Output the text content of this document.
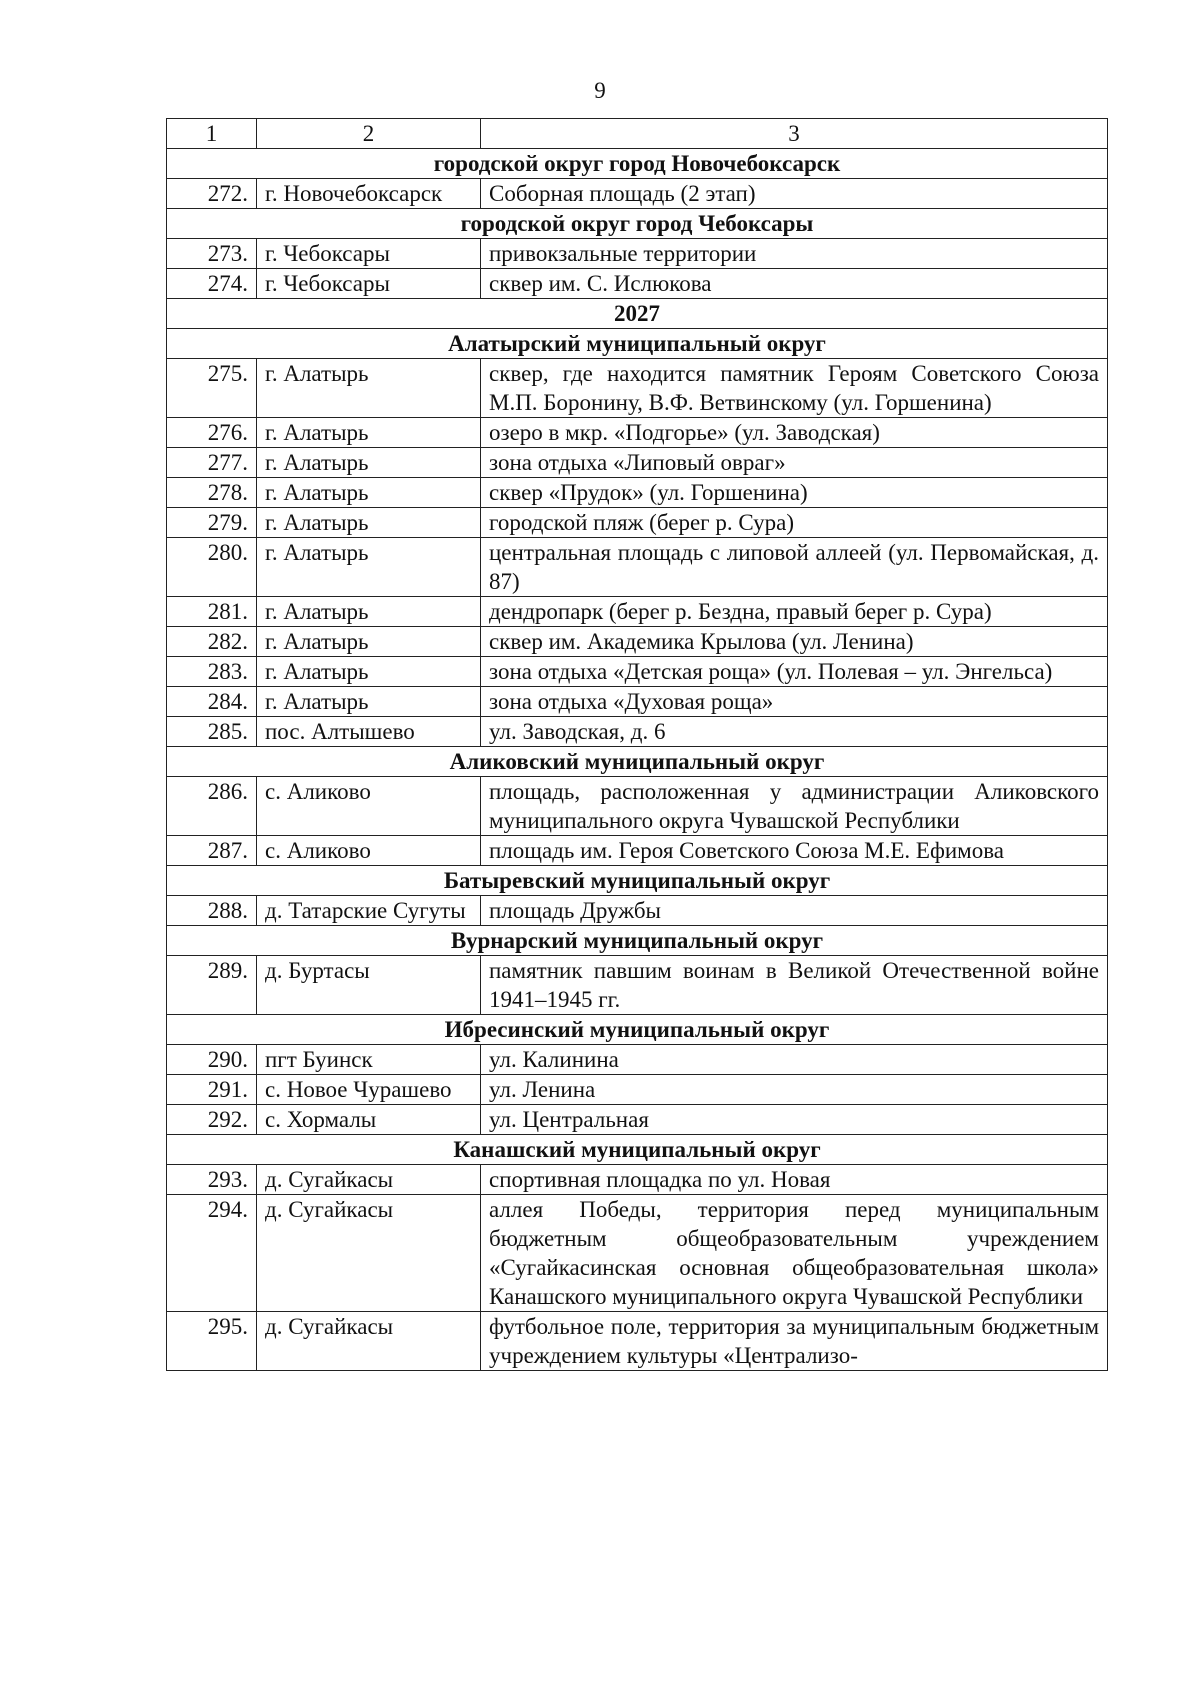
9
1	2	3
городской округ город Новочебоксарск		
272.	г. Новочебоксарск	Соборная площадь (2 этап)
городской округ город Чебоксары		
273.	г. Чебоксары	привокзальные территории
274.	г. Чебоксары	сквер им. С. Ислюкова
2027		
Алатырский муниципальный округ		
275.	г. Алатырь	сквер, где находится памятник Героям Советского Союза М.П. Боронину, В.Ф. Ветвинскому (ул. Горшенина)
276.	г. Алатырь	озеро в мкр. «Подгорье» (ул. Заводская)
277.	г. Алатырь	зона отдыха «Липовый овраг»
278.	г. Алатырь	сквер «Прудок» (ул. Горшенина)
279.	г. Алатырь	городской пляж (берег р. Сура)
280.	г. Алатырь	центральная площадь с липовой аллеей (ул. Первомайская, д. 87)
281.	г. Алатырь	дендропарк (берег р. Бездна, правый берег р. Сура)
282.	г. Алатырь	сквер им. Академика Крылова (ул. Ленина)
283.	г. Алатырь	зона отдыха «Детская роща» (ул. Полевая – ул. Энгельса)
284.	г. Алатырь	зона отдыха «Духовая роща»
285.	пос. Алтышево	ул. Заводская, д. 6
Аликовский муниципальный округ		
286.	с. Аликово	площадь, расположенная у администрации Аликовского муниципального округа Чувашской Республики
287.	с. Аликово	площадь им. Героя Советского Союза М.Е. Ефимова
Батыревский муниципальный округ		
288.	д. Татарские Сугуты	площадь Дружбы
Вурнарский муниципальный округ		
289.	д. Буртасы	памятник павшим воинам в Великой Отечественной войне 1941–1945 гг.
Ибресинский муниципальный округ		
290.	пгт Буинск	ул. Калинина
291.	с. Новое Чурашево	ул. Ленина
292.	с. Хормалы	ул. Центральная
Канашский муниципальный округ		
293.	д. Сугайкасы	спортивная площадка по ул. Новая
294.	д. Сугайкасы	аллея Победы, территория перед муниципальным бюджетным общеобразовательным учреждением «Сугайкасинская основная общеобразовательная школа» Канашского муниципального округа Чувашской Республики
295.	д. Сугайкасы	футбольное поле, территория за муниципальным бюджетным учреждением культуры «Централизо-
